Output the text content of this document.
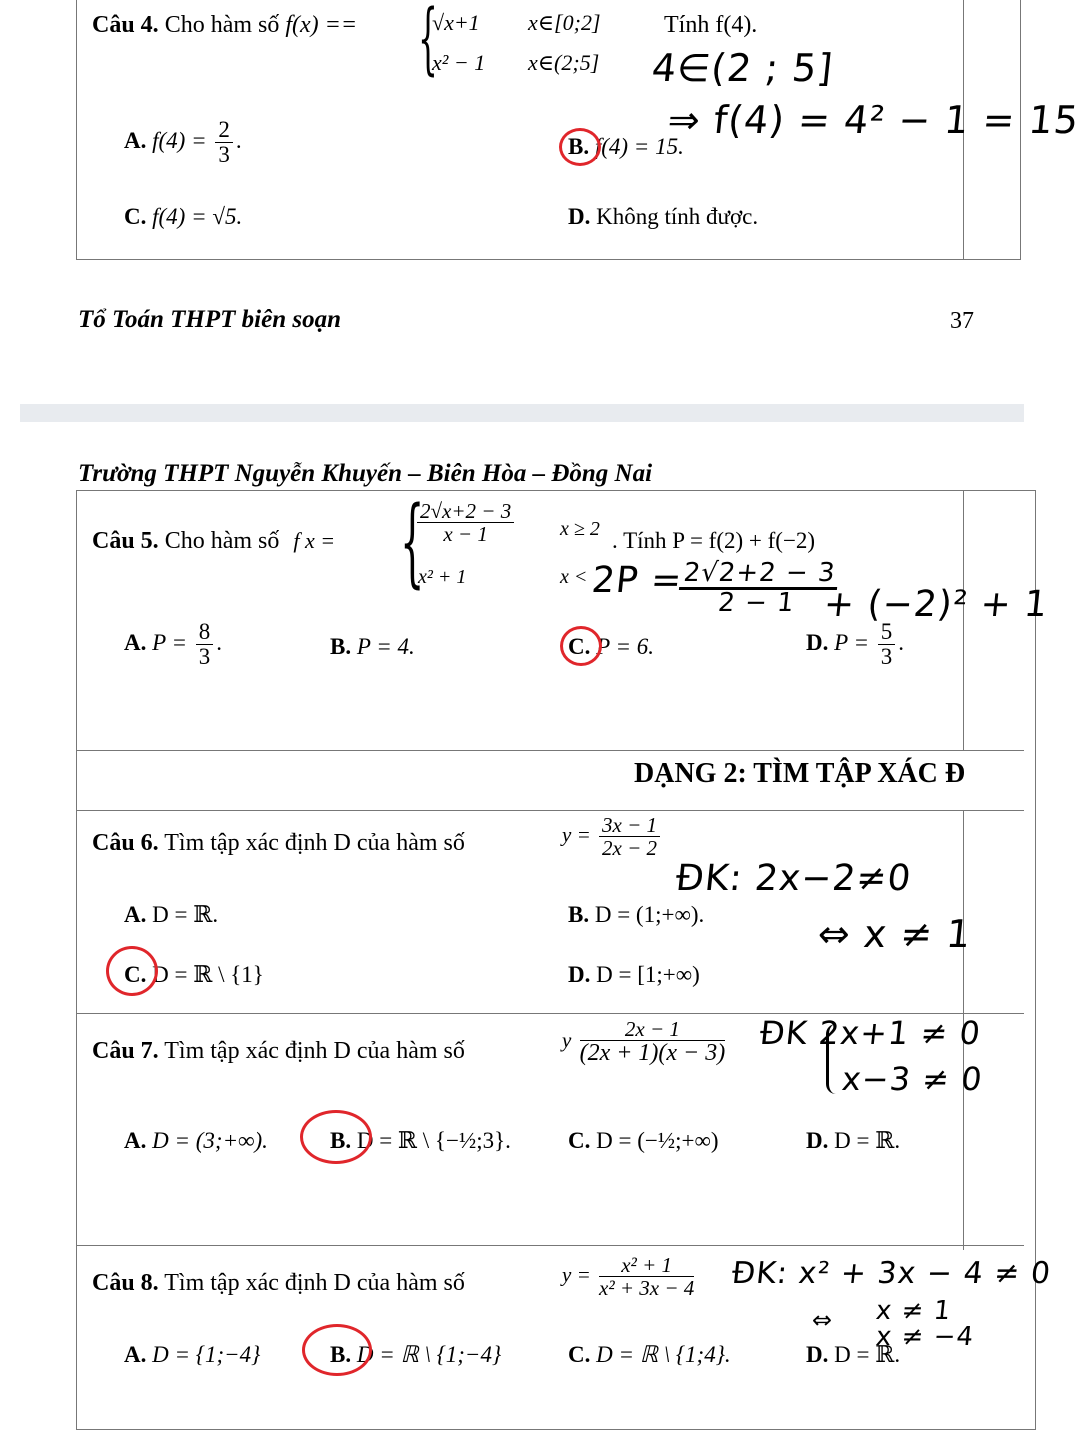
Câu 4. Cho hàm số f(x) == {
√x+1 x∈[0;2]
x² − 1 x∈(2;5]
Tính f(4).
A. $f(4) = \frac{2}{3}$ .	B. f(4) = 15.
C. f(4) = √5.	D. Không tính được.
4∈(2 ; 5]
⇒ f(4) = 4² − 1 = 15
Tổ Toán THPT biên soạn	37
Trường THPT Nguyễn Khuyến – Biên Hòa – Đồng Nai
Câu 5. Cho hàm số f x = {
$\frac{2√x+2 - 3}{x - 1}$ x ≥ 2
x² + 1	x <
. Tính P = f(2) + f(−2)
2P =
$\frac{2√2+2 - 3}{2 - 1}$
+ (−2)² + 1
A. $P = \frac{8}{3}$ .	B. P = 4.	C. P = 6.	D. $P = \frac{5}{3}$ .
DẠNG 2: TÌM TẬP XÁC Đ
Câu 6. Tìm tập xác định D của hàm số	$y = \frac{3x - 1}{2x - 2}$
ĐK: 2x−2≠0
⇔ x ≠ 1
A. D = ℝ.	B. D = (1;+∞).
C. D = ℝ \ {1}	D. D = [1;+∞)
Câu 7. Tìm tập xác định D của hàm số	y $\frac{2x - 1}{(2x + 1)(x - 3)}$ ĐK 2x+1 ≠ 0
x−3 ≠ 0
A. D = (3;+∞).	B. D = ℝ \ {−½;3}. C. D = (−½;+∞)	D. D = ℝ.
Câu 8. Tìm tập xác định D của hàm số	$y = \frac{\text{x² + 1}}{\text{x² + 3x − 4}}$ ĐK: x² + 3x − 4 ≠ 0
⇔ x ≠ 1
x ≠ −4
A. D = {1;−4}	B. D = ℝ \ {1;−4}	C. D = ℝ \ {1;4}.	D. D = ℝ.
